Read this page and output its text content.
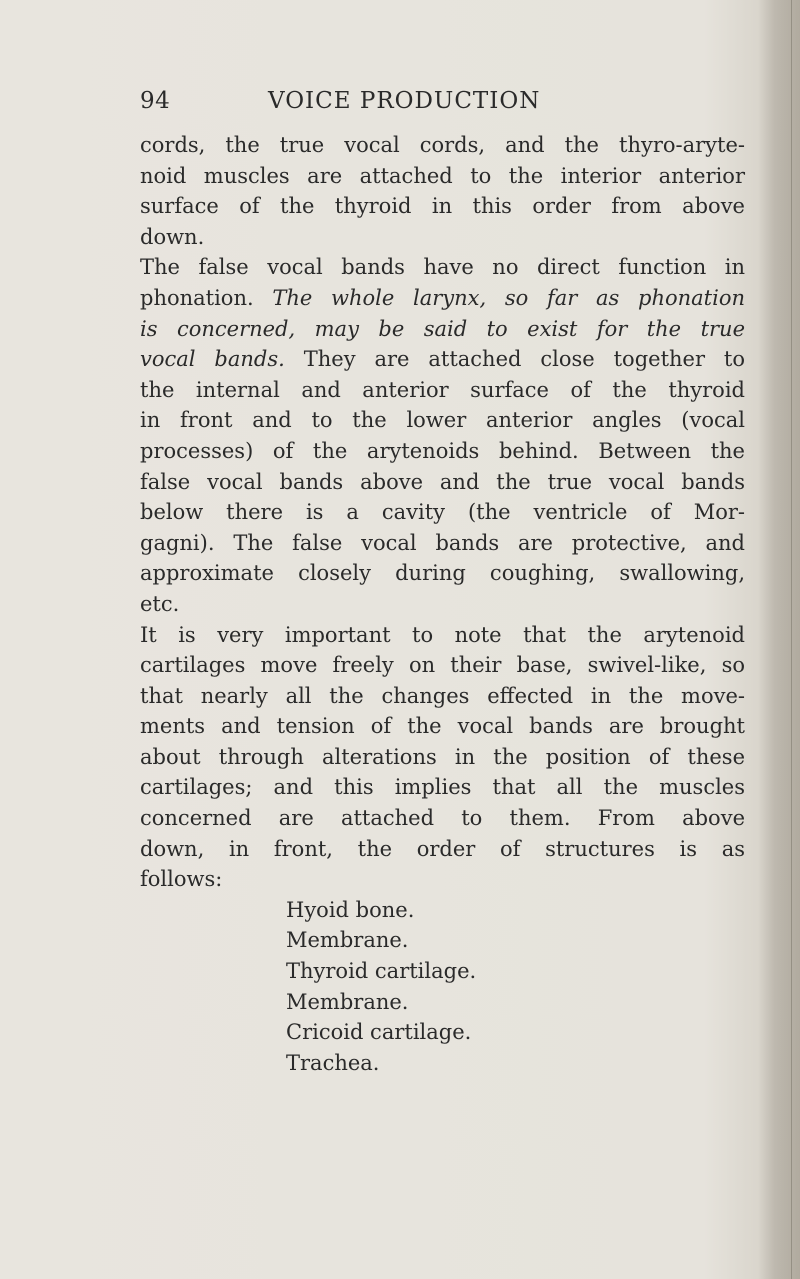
94	VOICE PRODUCTION

cords, the true vocal cords, and the thyro-aryte-
noid muscles are attached to the interior anterior
surface of the thyroid in this order from above
down.

The false vocal bands have no direct function in
phonation. The whole larynx, so far as phonation
is concerned, may be said to exist for the true
vocal bands. They are attached close together to
the internal and anterior surface of the thyroid
in front and to the lower anterior angles (vocal
processes) of the arytenoids behind. Between the
false vocal bands above and the true vocal bands
below there is a cavity (the ventricle of Mor-
gagni). The false vocal bands are protective, and
approximate closely during coughing, swallowing,
etc.

It is very important to note that the arytenoid
cartilages move freely on their base, swivel-like, so
that nearly all the changes effected in the move-
ments and tension of the vocal bands are brought
about through alterations in the position of these
cartilages; and this implies that all the muscles
concerned are attached to them. From above
down, in front, the order of structures is as
follows:

Hyoid bone.
Membrane.
Thyroid cartilage.
Membrane.
Cricoid cartilage.
Trachea.
